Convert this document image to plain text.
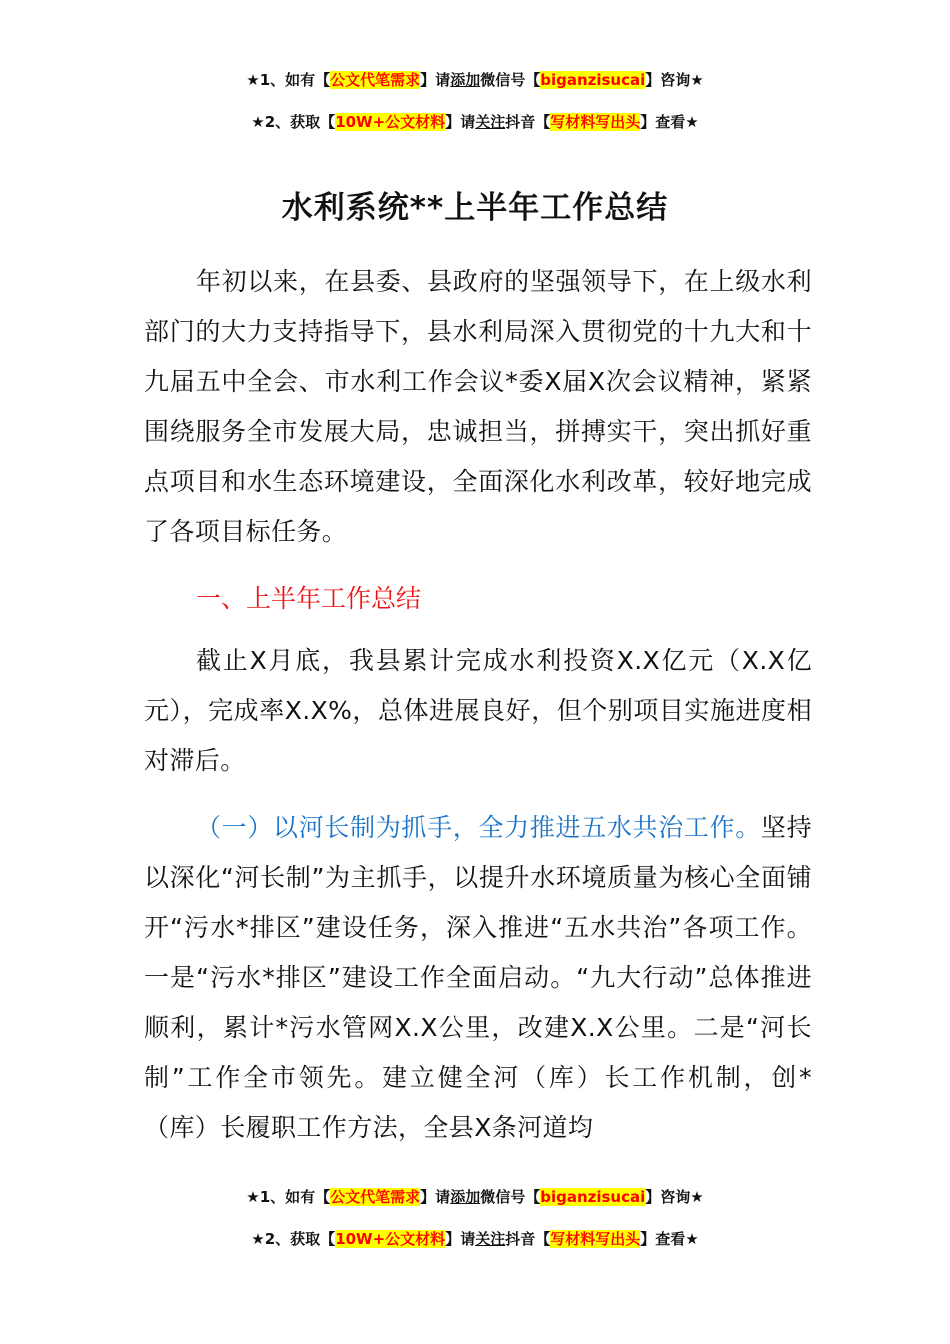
★1、如有【公文代笔需求】请添加微信号【biganzisucai】咨询★
★2、获取【10W+公文材料】请关注抖音【写材料写出头】查看★
水利系统**上半年工作总结

年初以来，在县委、县政府的坚强领导下，在上级水利部门的大力支持指导下，县水利局深入贯彻党的十九大和十九届五中全会、市水利工作会议*委X届X次会议精神，紧紧围绕服务全市发展大局，忠诚担当，拼搏实干，突出抓好重点项目和水生态环境建设，全面深化水利改革，较好地完成了各项目标任务。

一、上半年工作总结

截止X月底，我县累计完成水利投资X.X亿元（X.X亿元），完成率X.X%，总体进展良好，但个别项目实施进度相对滞后。

（一）以河长制为抓手，全力推进五水共治工作。坚持以深化“河长制”为主抓手，以提升水环境质量为核心全面铺开“污水*排区”建设任务，深入推进“五水共治”各项工作。一是“污水*排区”建设工作全面启动。“九大行动”总体推进顺利，累计*污水管网X.X公里，改建X.X公里。二是“河长制”工作全市领先。建立健全河（库）长工作机制，创*（库）长履职工作方法，全县X条河道均

★1、如有【公文代笔需求】请添加微信号【biganzisucai】咨询★
★2、获取【10W+公文材料】请关注抖音【写材料写出头】查看★
